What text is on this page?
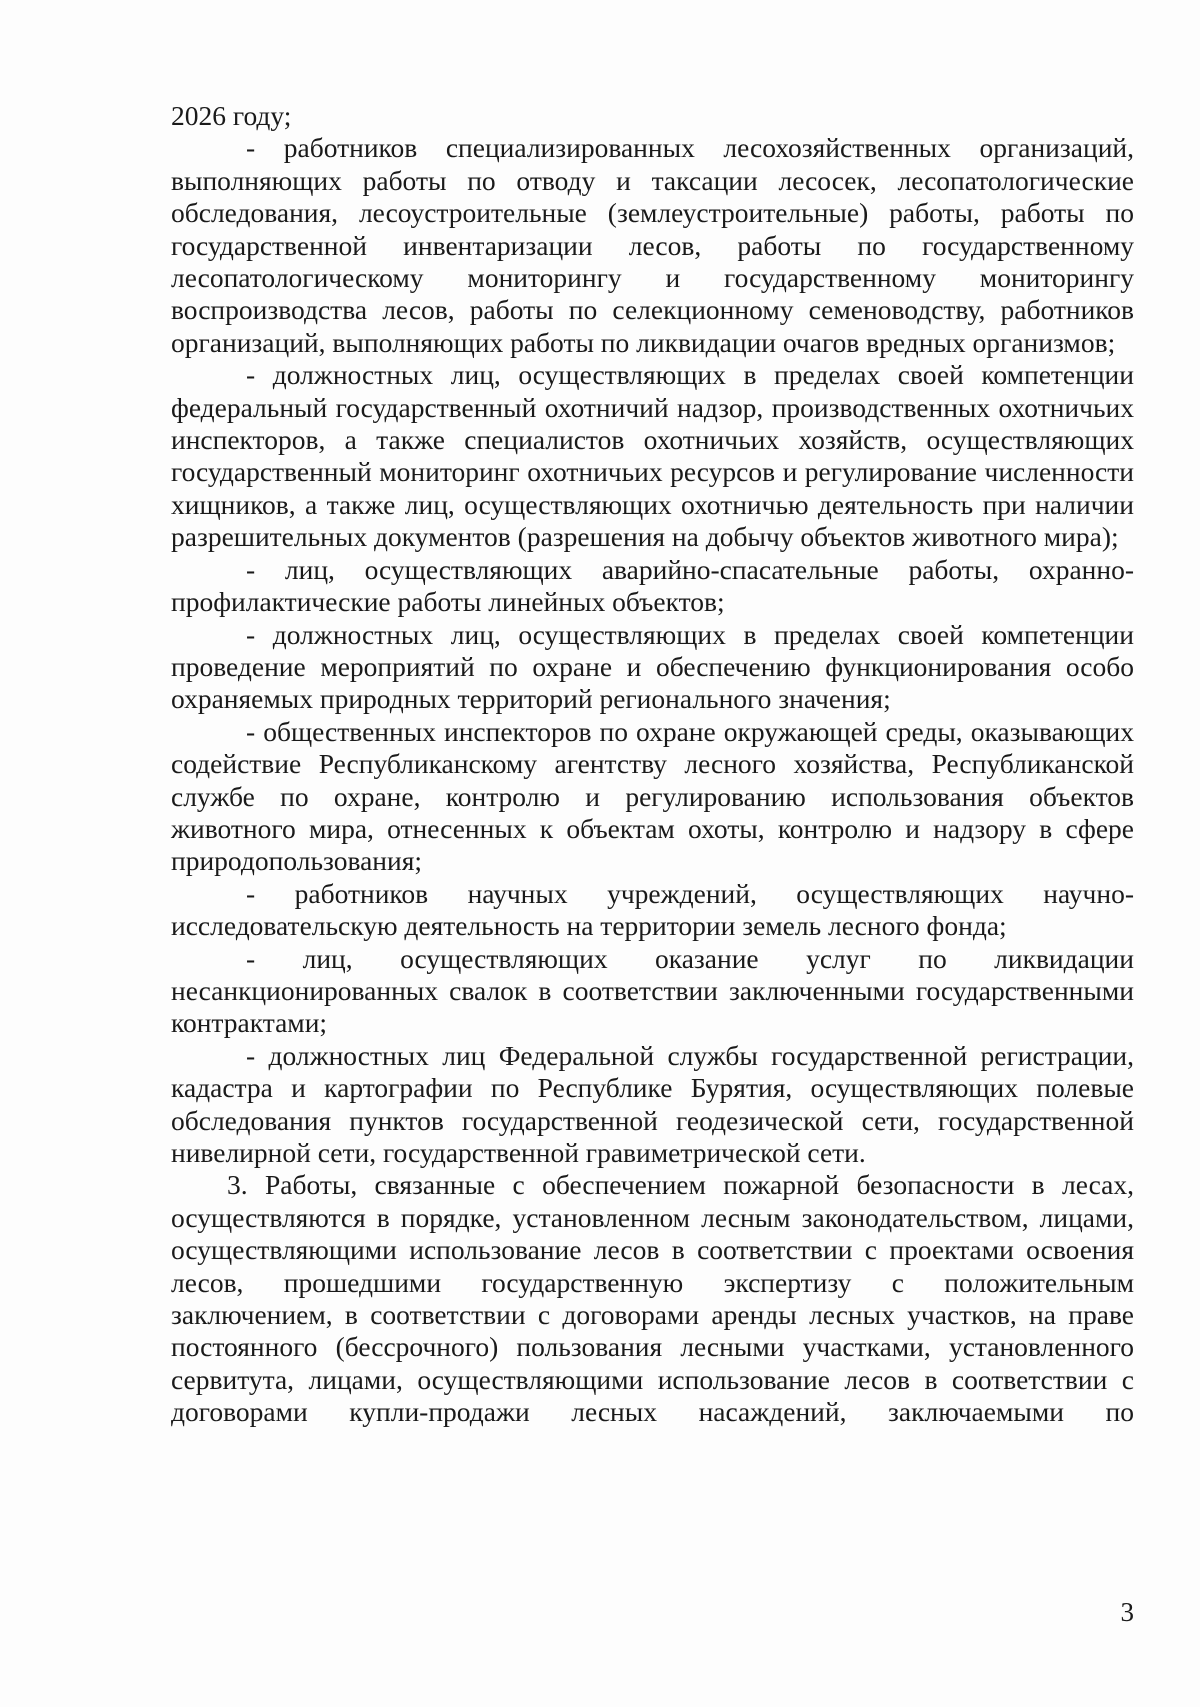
2026 году;

- работников специализированных лесохозяйственных организаций, выполняющих работы по отводу и таксации лесосек, лесопатологические обследования, лесоустроительные (землеустроительные) работы, работы по государственной инвентаризации лесов, работы по государственному лесопатологическому мониторингу и государственному мониторингу воспроизводства лесов, работы по селекционному семеноводству, работников организаций, выполняющих работы по ликвидации очагов вредных организмов;

- должностных лиц, осуществляющих в пределах своей компетенции федеральный государственный охотничий надзор, производственных охотничьих инспекторов, а также специалистов охотничьих хозяйств, осуществляющих государственный мониторинг охотничьих ресурсов и регулирование численности хищников, а также лиц, осуществляющих охотничью деятельность при наличии разрешительных документов (разрешения на добычу объектов животного мира);

- лиц, осуществляющих аварийно-спасательные работы, охранно-профилактические работы линейных объектов;

- должностных лиц, осуществляющих в пределах своей компетенции проведение мероприятий по охране и обеспечению функционирования особо охраняемых природных территорий регионального значения;

- общественных инспекторов по охране окружающей среды, оказывающих содействие Республиканскому агентству лесного хозяйства, Республиканской службе по охране, контролю и регулированию использования объектов животного мира, отнесенных к объектам охоты, контролю и надзору в сфере природопользования;

- работников научных учреждений, осуществляющих научно-исследовательскую деятельность на территории земель лесного фонда;

- лиц, осуществляющих оказание услуг по ликвидации несанкционированных свалок в соответствии заключенными государственными контрактами;

- должностных лиц Федеральной службы государственной регистрации, кадастра и картографии по Республике Бурятия, осуществляющих полевые обследования пунктов государственной геодезической сети, государственной нивелирной сети, государственной гравиметрической сети.

3. Работы, связанные с обеспечением пожарной безопасности в лесах, осуществляются в порядке, установленном лесным законодательством, лицами, осуществляющими использование лесов в соответствии с проектами освоения лесов, прошедшими государственную экспертизу с положительным заключением, в соответствии с договорами аренды лесных участков, на праве постоянного (бессрочного) пользования лесными участками, установленного сервитута, лицами, осуществляющими использование лесов в соответствии с договорами купли-продажи лесных насаждений, заключаемыми по

3
